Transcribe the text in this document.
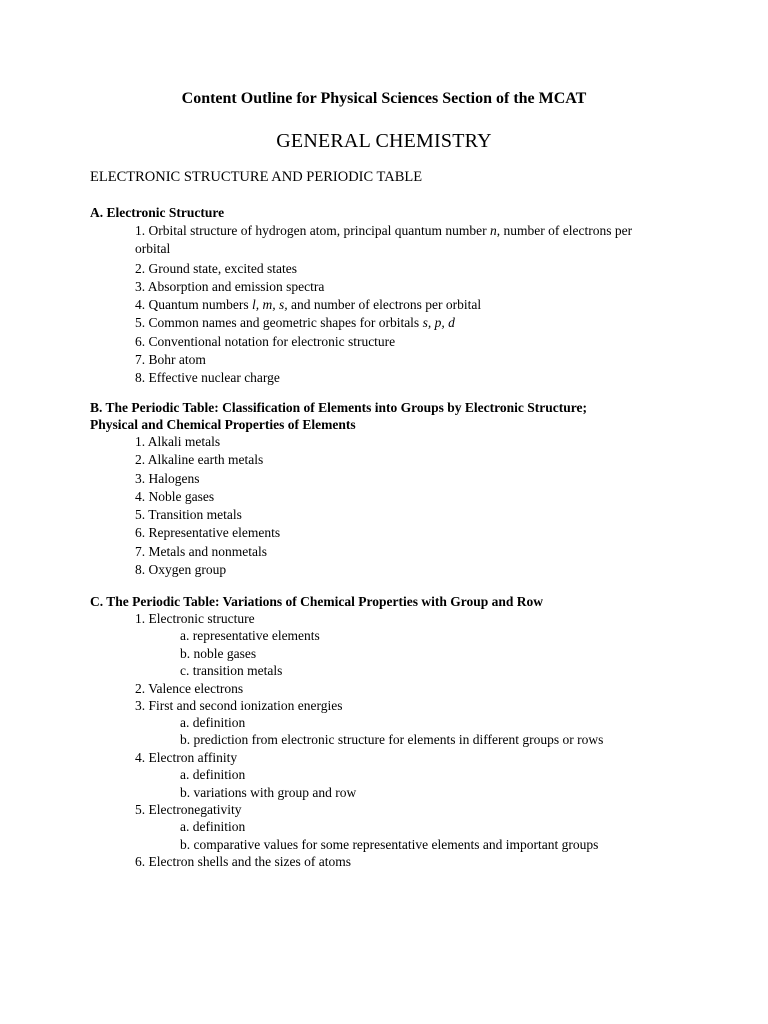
Content Outline for Physical Sciences Section of the MCAT
GENERAL CHEMISTRY
ELECTRONIC STRUCTURE AND PERIODIC TABLE

A. Electronic Structure

1. Orbital structure of hydrogen atom, principal quantum number n, number of electrons per
orbital
2. Ground state, excited states
3. Absorption and emission spectra
4. Quantum numbers l, m, s, and number of electrons per orbital
5. Common names and geometric shapes for orbitals s, p, d
6. Conventional notation for electronic structure
7. Bohr atom
8. Effective nuclear charge

B. The Periodic Table: Classification of Elements into Groups by Electronic Structure;
Physical and Chemical Properties of Elements

1. Alkali metals
2. Alkaline earth metals
3. Halogens
4. Noble gases
5. Transition metals
6. Representative elements
7. Metals and nonmetals
8. Oxygen group

C. The Periodic Table: Variations of Chemical Properties with Group and Row

1. Electronic structure
a. representative elements
b. noble gases
c. transition metals
2. Valence electrons
3. First and second ionization energies
a. definition
b. prediction from electronic structure for elements in different groups or rows
4. Electron affinity
a. definition
b. variations with group and row
5. Electronegativity
a. definition
b. comparative values for some representative elements and important groups
6. Electron shells and the sizes of atoms
